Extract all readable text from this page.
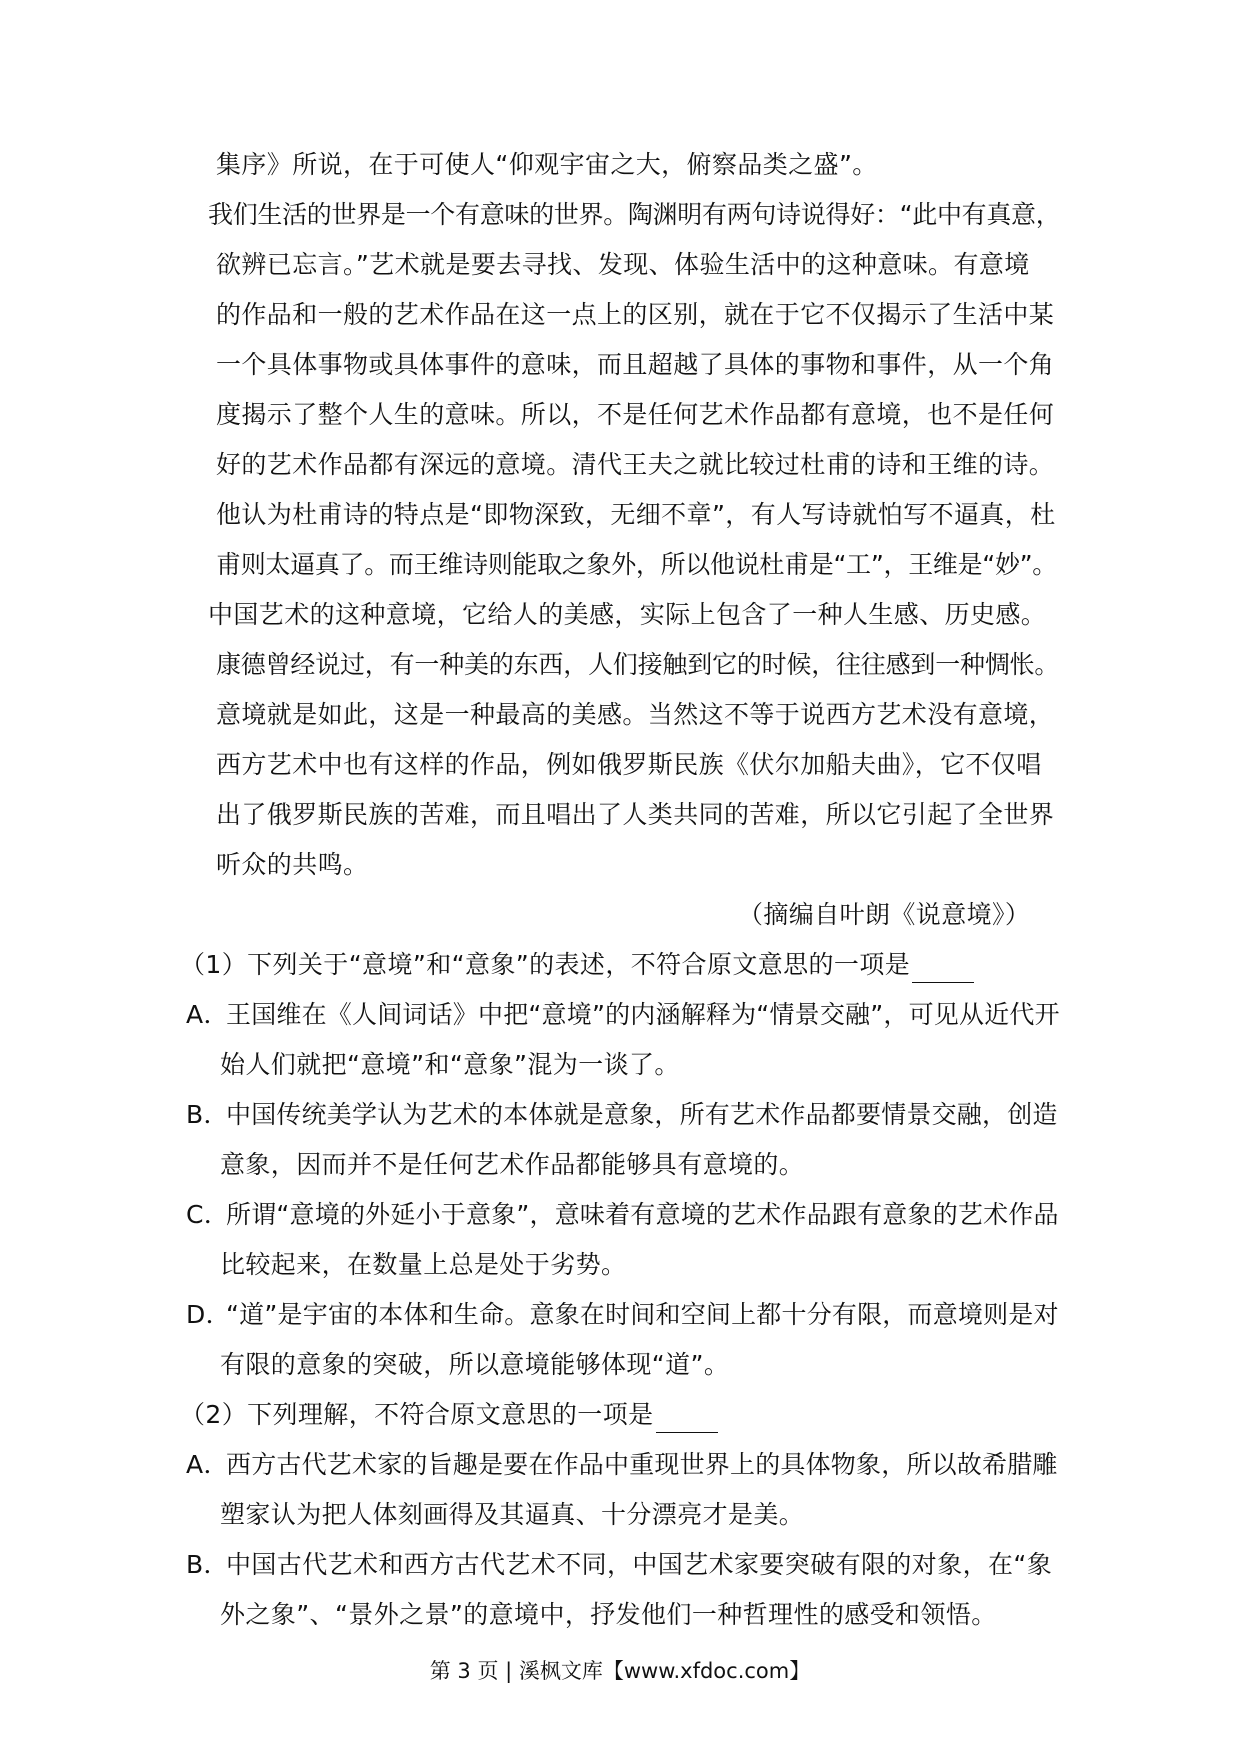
集序》所说，在于可使人“仰观宇宙之大，俯察品类之盛”。
我们生活的世界是一个有意味的世界。陶渊明有两句诗说得好：“此中有真意，
欲辨已忘言。”艺术就是要去寻找、发现、体验生活中的这种意味。有意境
的作品和一般的艺术作品在这一点上的区别，就在于它不仅揭示了生活中某
一个具体事物或具体事件的意味，而且超越了具体的事物和事件，从一个角
度揭示了整个人生的意味。所以，不是任何艺术作品都有意境，也不是任何
好的艺术作品都有深远的意境。清代王夫之就比较过杜甫的诗和王维的诗。
他认为杜甫诗的特点是“即物深致，无细不章”，有人写诗就怕写不逼真，杜
甫则太逼真了。而王维诗则能取之象外，所以他说杜甫是“工”，王维是“妙”。
中国艺术的这种意境，它给人的美感，实际上包含了一种人生感、历史感。
康德曾经说过，有一种美的东西，人们接触到它的时候，往往感到一种惆怅。
意境就是如此，这是一种最高的美感。当然这不等于说西方艺术没有意境，
西方艺术中也有这样的作品，例如俄罗斯民族《伏尔加船夫曲》，它不仅唱
出了俄罗斯民族的苦难，而且唱出了人类共同的苦难，所以它引起了全世界
听众的共鸣。
（摘编自叶朗《说意境》）
（1）下列关于“意境”和“意象”的表述，不符合原文意思的一项是
A．
王国维在《人间词话》中把“意境”的内涵解释为“情景交融”，可见从近代开
始人们就把“意境”和“意象”混为一谈了。
B．
中国传统美学认为艺术的本体就是意象，所有艺术作品都要情景交融，创造
意象，因而并不是任何艺术作品都能够具有意境的。
C．
所谓“意境的外延小于意象”，意味着有意境的艺术作品跟有意象的艺术作品
比较起来，在数量上总是处于劣势。
D．
“道”是宇宙的本体和生命。意象在时间和空间上都十分有限，而意境则是对
有限的意象的突破，所以意境能够体现“道”。
（2）下列理解，不符合原文意思的一项是
A．
西方古代艺术家的旨趣是要在作品中重现世界上的具体物象，所以故希腊雕
塑家认为把人体刻画得及其逼真、十分漂亮才是美。
B．
中国古代艺术和西方古代艺术不同，中国艺术家要突破有限的对象，在“象
外之象”、“景外之景”的意境中，抒发他们一种哲理性的感受和领悟。
第 3 页 | 溪枫文库【www.xfdoc.com】
